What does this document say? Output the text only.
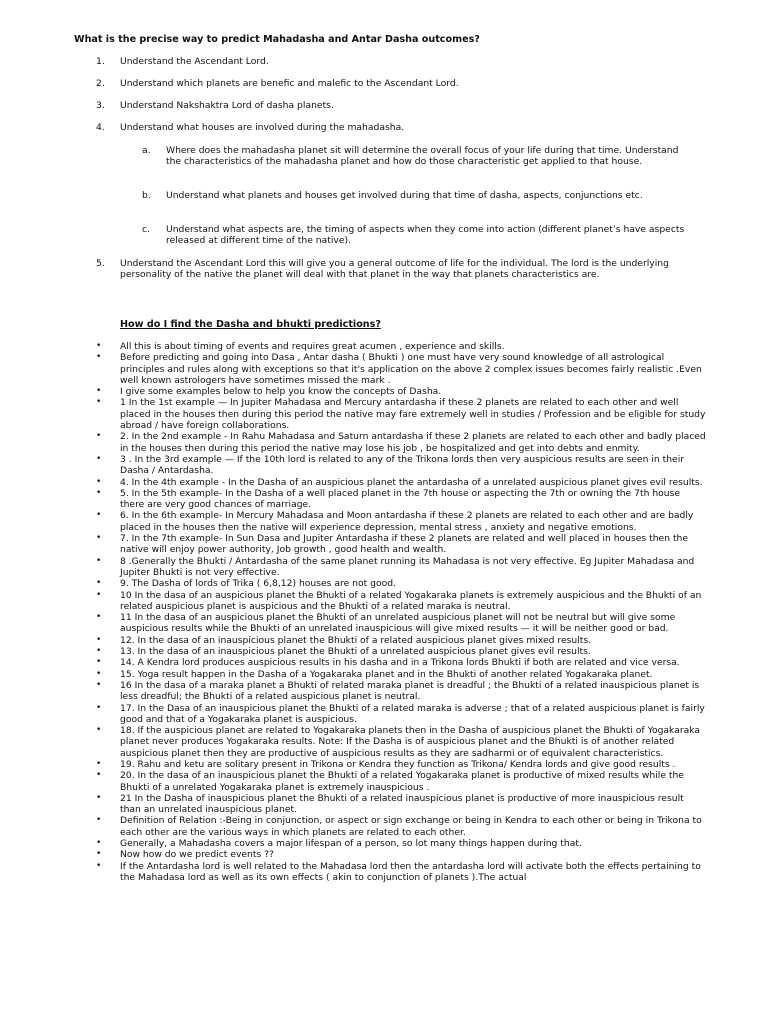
What is the precise way to predict Mahadasha and Antar Dasha outcomes?
1.	Understand the Ascendant Lord.
2.	Understand which planets are benefic and malefic to the Ascendant Lord.
3.	Understand Nakshaktra Lord of dasha planets.
4.	Understand what houses are involved during the mahadasha.
a.	Where does the mahadasha planet sit will determine the overall focus of your life during that time. Understand the characteristics of the mahadasha planet and how do those characteristic get applied to that house.
b.	Understand what planets and houses get involved during that time of dasha, aspects, conjunctions etc.
c.	Understand what aspects are, the timing of aspects when they come into action (different planet’s have aspects released at different time of the native).
5.	Understand the Ascendant Lord this will give you a general outcome of life for the individual. The lord is the underlying personality of the native the planet will deal with that planet in the way that planets characteristics are.
How do I find the Dasha and bhukti predictions?
• All this is about timing of events and requires great acumen , experience and skills.
• Before predicting and going into Dasa , Antar dasha ( Bhukti ) one must have very sound knowledge of all astrological principles and rules along with exceptions so that it's application on the above 2 complex issues becomes fairly realistic .Even well known astrologers have sometimes missed the mark .
• I give some examples below to help you know the concepts of Dasha.
• 1 In the 1st example — In Jupiter Mahadasa and Mercury antardasha if these 2 planets are related to each other and well placed in the houses then during this period the native may fare extremely well in studies / Profession and be eligible for study abroad / have foreign collaborations.
• 2. In the 2nd example - In Rahu Mahadasa and Saturn antardasha if these 2 planets are related to each other and badly placed in the houses then during this period the native may lose his job , be hospitalized and get into debts and enmity.
• 3 . In the 3rd example — If the 10th lord is related to any of the Trikona lords then very auspicious results are seen in their Dasha / Antardasha.
• 4. In the 4th example - In the Dasha of an auspicious planet the antardasha of a unrelated auspicious planet gives evil results.
• 5. In the 5th example- In the Dasha of a well placed planet in the 7th house or aspecting the 7th or owning the 7th house there are very good chances of marriage.
• 6. In the 6th example- In Mercury Mahadasa and Moon antardasha if these 2 planets are related to each other and are badly placed in the houses then the native will experience depression, mental stress , anxiety and negative emotions.
• 7. In the 7th example- In Sun Dasa and Jupiter Antardasha if these 2 planets are related and well placed in houses then the native will enjoy power authority, Job growth , good health and wealth.
• 8 .Generally the Bhukti / Antardasha of the same planet running its Mahadasa is not very effective. Eg Jupiter Mahadasa and Jupiter Bhukti is not very effective.
• 9. The Dasha of lords of Trika ( 6,8,12) houses are not good.
• 10 In the dasa of an auspicious planet the Bhukti of a related Yogakaraka planets is extremely auspicious and the Bhukti of an related auspicious planet is auspicious and the Bhukti of a related maraka is neutral.
• 11 In the dasa of an auspicious planet the Bhukti of an unrelated auspicious planet will not be neutral but will give some auspicious results while the Bhukti of an unrelated inauspicious will give mixed results — it will be neither good or bad.
• 12. In the dasa of an inauspicious planet the Bhukti of a related auspicious planet gives mixed results.
• 13. In the dasa of an inauspicious planet the Bhukti of a unrelated auspicious planet gives evil results.
• 14. A Kendra lord produces auspicious results in his dasha and in a Trikona lords Bhukti if both are related and vice versa.
• 15. Yoga result happen in the Dasha of a Yogakaraka planet and in the Bhukti of another related Yogakaraka planet.
• 16 In the dasa of a maraka planet a Bhukti of related maraka planet is dreadful ; the Bhukti of a related inauspicious planet is less dreadful; the Bhukti of a related auspicious planet is neutral.
• 17. In the Dasa of an inauspicious planet the Bhukti of a related maraka is adverse ; that of a related auspicious planet is fairly good and that of a Yogakaraka planet is auspicious.
• 18. If the auspicious planet are related to Yogakaraka planets then in the Dasha of auspicious planet the Bhukti of Yogakaraka planet never produces Yogakaraka results. Note: If the Dasha is of auspicious planet and the Bhukti is of another related auspicious planet then they are productive of auspicious results as they are sadharmi or of equivalent characteristics.
• 19. Rahu and ketu are solitary present in Trikona or Kendra they function as Trikona/ Kendra lords and give good results .
• 20. In the dasa of an inauspicious planet the Bhukti of a related Yogakaraka planet is productive of mixed results while the Bhukti of a unrelated Yogakaraka planet is extremely inauspicious .
• 21 In the Dasha of inauspicious planet the Bhukti of a related inauspicious planet is productive of more inauspicious result than an unrelated inauspicious planet.
• Definition of Relation :-Being in conjunction, or aspect or sign exchange or being in Kendra to each other or being in Trikona to each other are the various ways in which planets are related to each other.
• Generally, a Mahadasha covers a major lifespan of a person, so lot many things happen during that.
• Now how do we predict events ??
• If the Antardasha lord is well related to the Mahadasa lord then the antardasha lord will activate both the effects pertaining to the Mahadasa lord as well as its own effects ( akin to conjunction of planets ).The actual
